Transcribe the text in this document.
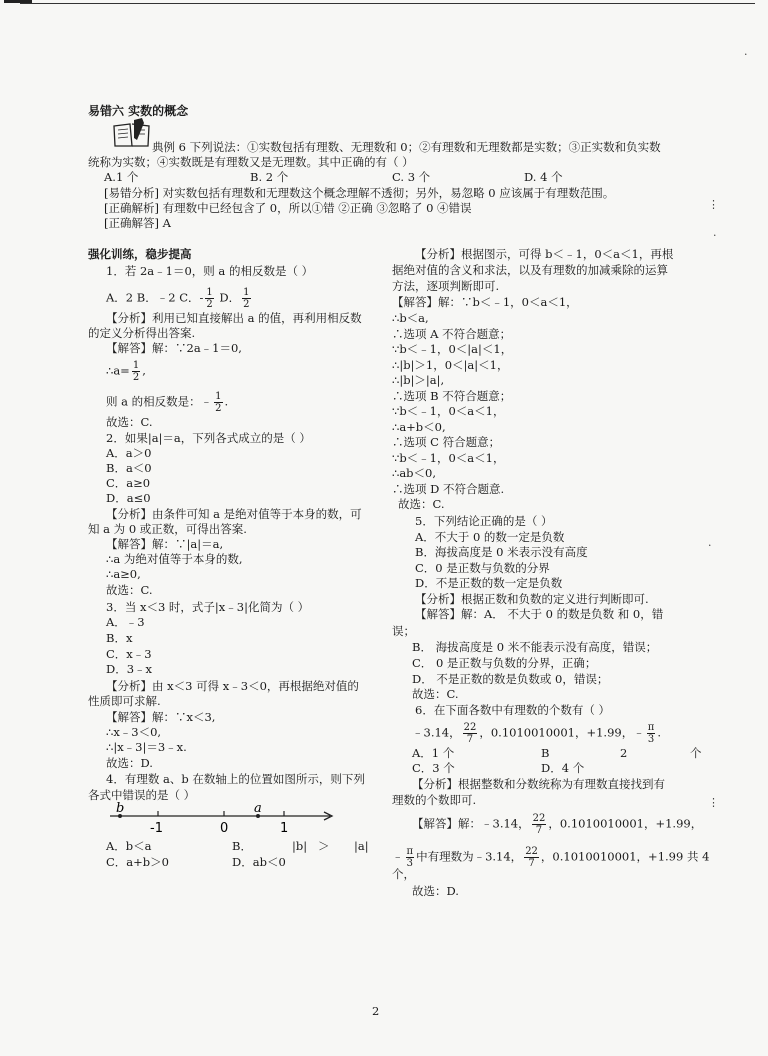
易错六 实数的概念
典例 6 下列说法：①实数包括有理数、无理数和 0；②有理数和无理数都是实数；③正实数和负实数
统称为实数；④实数既是有理数又是无理数。其中正确的有（ ）
A.1 个	B. 2 个	C. 3 个	D. 4 个
[易错分析] 对实数包括有理数和无理数这个概念理解不透彻；另外，易忽略 0 应该属于有理数范围。
[正确解析] 有理数中已经包含了 0，所以①错 ②正确 ③忽略了 0 ④错误
[正确解答] A
强化训练，稳步提高
1．若 2a﹣1＝0，则 a 的相反数是（ ）
A．2 B．﹣2 C．- $\frac{1}{2}$ D． $\frac{1}{2}$
【分析】利用已知直接解出 a 的值，再利用相反数
的定义分析得出答案.
【解答】解：∵2a﹣1＝0,
∴a= $\frac{1}{2}$ ,
则 a 的相反数是：﹣ $\frac{1}{2}$ .
故选：C.
2．如果|a|＝a，下列各式成立的是（ ）
A．a＞0
B．a＜0
C．a≥0
D．a≤0
【分析】由条件可知 a 是绝对值等于本身的数，可
知 a 为 0 或正数，可得出答案.
【解答】解：∵|a|＝a,
∴a 为绝对值等于本身的数,
∴a≥0,
故选：C.
3．当 x＜3 时，式子|x﹣3|化简为（ ）
A．﹣3
B．x
C．x﹣3
D．3﹣x
【分析】由 x＜3 可得 x﹣3＜0，再根据绝对值的
性质即可求解.
【解答】解：∵x＜3,
∴x﹣3＜0,
∴|x﹣3|＝3﹣x.
故选：D.
4．有理数 a、b 在数轴上的位置如图所示，则下列
各式中错误的是（ ）
b	a
-1	0	1
A．b＜a	B．	|b| ＞ |a|
C．a+b＞0	D．ab＜0
【分析】根据图示，可得 b＜﹣1，0＜a＜1，再根
据绝对值的含义和求法，以及有理数的加减乘除的运算
方法，逐项判断即可.
【解答】解：∵b＜﹣1，0＜a＜1，
∴b＜a,
∴选项 A 不符合题意；
∵b＜﹣1，0＜|a|＜1，
∴|b|＞1，0＜|a|＜1，
∴|b|＞|a|,
∴选项 B 不符合题意；
∵b＜﹣1，0＜a＜1，
∴a+b＜0,
∴选项 C 符合题意；
∵b＜﹣1，0＜a＜1，
∴ab＜0,
∴选项 D 不符合题意.
故选：C.
5．下列结论正确的是（ ）
A．不大于 0 的数一定是负数
B．海拔高度是 0 米表示没有高度
C．0 是正数与负数的分界
D．不是正数的数一定是负数
【分析】根据正数和负数的定义进行判断即可.
【解答】解：A． 不大于 0 的数是负数 和 0，错
误；
B． 海拔高度是 0 米不能表示没有高度，错误；
C． 0 是正数与负数的分界，正确；
D． 不是正数的数是负数或 0，错误；
故选：C.
6．在下面各数中有理数的个数有（ ）
﹣3.14， $\frac{22}{7}$ ，0.1010010001，+1.99，﹣ $\frac{\pi}{3}$ .
A．1 个	B	2	个
C．3 个	D．4 个
【分析】根据整数和分数统称为有理数直接找到有
理数的个数即可.
【解答】解：﹣3.14， $\frac{22}{7}$ ，0.1010010001，+1.99，
﹣ $\frac{\pi}{3}$ 中有理数为﹣3.14， $\frac{22}{7}$ ，0.1010010001，+1.99 共 4
个，
故选：D.
2
·
⋮
·
·
⋮
